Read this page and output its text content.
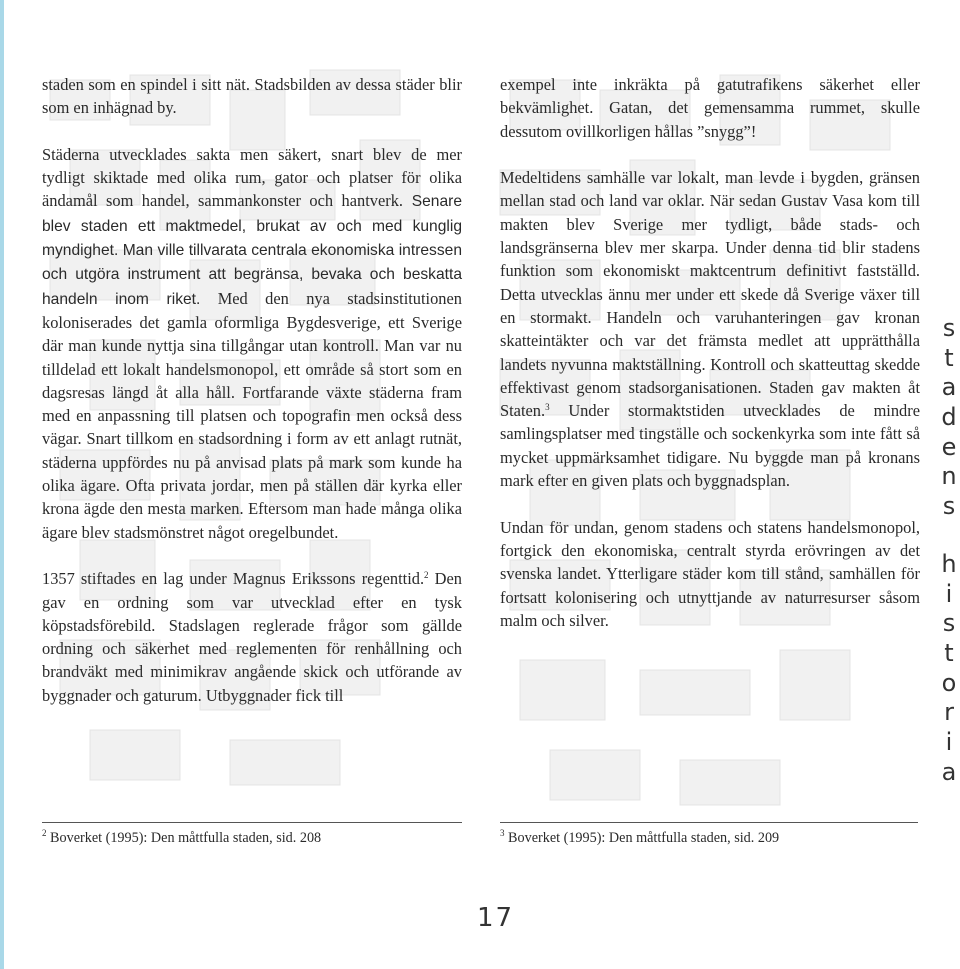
staden som en spindel i sitt nät. Stadsbilden av dessa städer blir som en inhägnad by.

Städerna utvecklades sakta men säkert, snart blev de mer tydligt skiktade med olika rum, gator och platser för olika ändamål som handel, sammankonster och hantverk. Senare blev staden ett maktmedel, brukat av och med kunglig myndighet. Man ville tillvarata centrala ekonomiska intressen och utgöra instrument att begränsa, bevaka och beskatta handeln inom riket. Med den nya stadsinstitutionen koloniserades det gamla oformliga Bygdesverige, ett Sverige där man kunde nyttja sina tillgångar utan kontroll. Man var nu tilldelad ett lokalt handelsmonopol, ett område så stort som en dagsresas längd åt alla håll. Fortfarande växte städerna fram med en anpassning till platsen och topografin men också dess vägar. Snart tillkom en stadsordning i form av ett anlagt rutnät, städerna uppfördes nu på anvisad plats på mark som kunde ha olika ägare. Ofta privata jordar, men på ställen där kyrka eller krona ägde den mesta marken. Eftersom man hade många olika ägare blev stadsmönstret något oregelbundet.

1357 stiftades en lag under Magnus Erikssons regenttid.$^2$ Den gav en ordning som var utvecklad efter en tysk köpstadsförebild. Stadslagen reglerade frågor som gällde ordning och säkerhet med reglementen för renhållning och brandväkt med minimikrav angående skick och utförande av byggnader och gaturum. Utbyggnader fick till

exempel inte inkräkta på gatutrafikens säkerhet eller bekvämlighet. Gatan, det gemensamma rummet, skulle dessutom ovillkorligen hållas ”snygg”!

Medeltidens samhälle var lokalt, man levde i bygden, gränsen mellan stad och land var oklar. När sedan Gustav Vasa kom till makten blev Sverige mer tydligt, både stads- och landsgränserna blev mer skarpa. Under denna tid blir stadens funktion som ekonomiskt maktcentrum definitivt fastställd. Detta utvecklas ännu mer under ett skede då Sverige växer till en stormakt. Handeln och varuhanteringen gav kronan skatteintäkter och var det främsta medlet att upprätthålla landets nyvunna maktställning. Kontroll och skatteuttag skedde effektivast genom stadsorganisationen. Staden gav makten åt Staten.$^3$ Under stormaktstiden utvecklades de mindre samlingsplatser med tingställe och sockenkyrka som inte fått så mycket uppmärksamhet tidigare. Nu byggde man på kronans mark efter en given plats och byggnadsplan.

Undan för undan, genom stadens och statens handelsmonopol, fortgick den ekonomiska, centralt styrda erövringen av det svenska landet. Ytterligare städer kom till stånd, samhällen för fortsatt kolonisering och utnyttjande av naturresurser såsom malm och silver.

$^2$ Boverket (1995): Den måttfulla staden, sid. 208	$^3$ Boverket (1995): Den måttfulla staden, sid. 209
17
s
t
a
d
e
n
s
h
i
s
t
o
r
i
a
